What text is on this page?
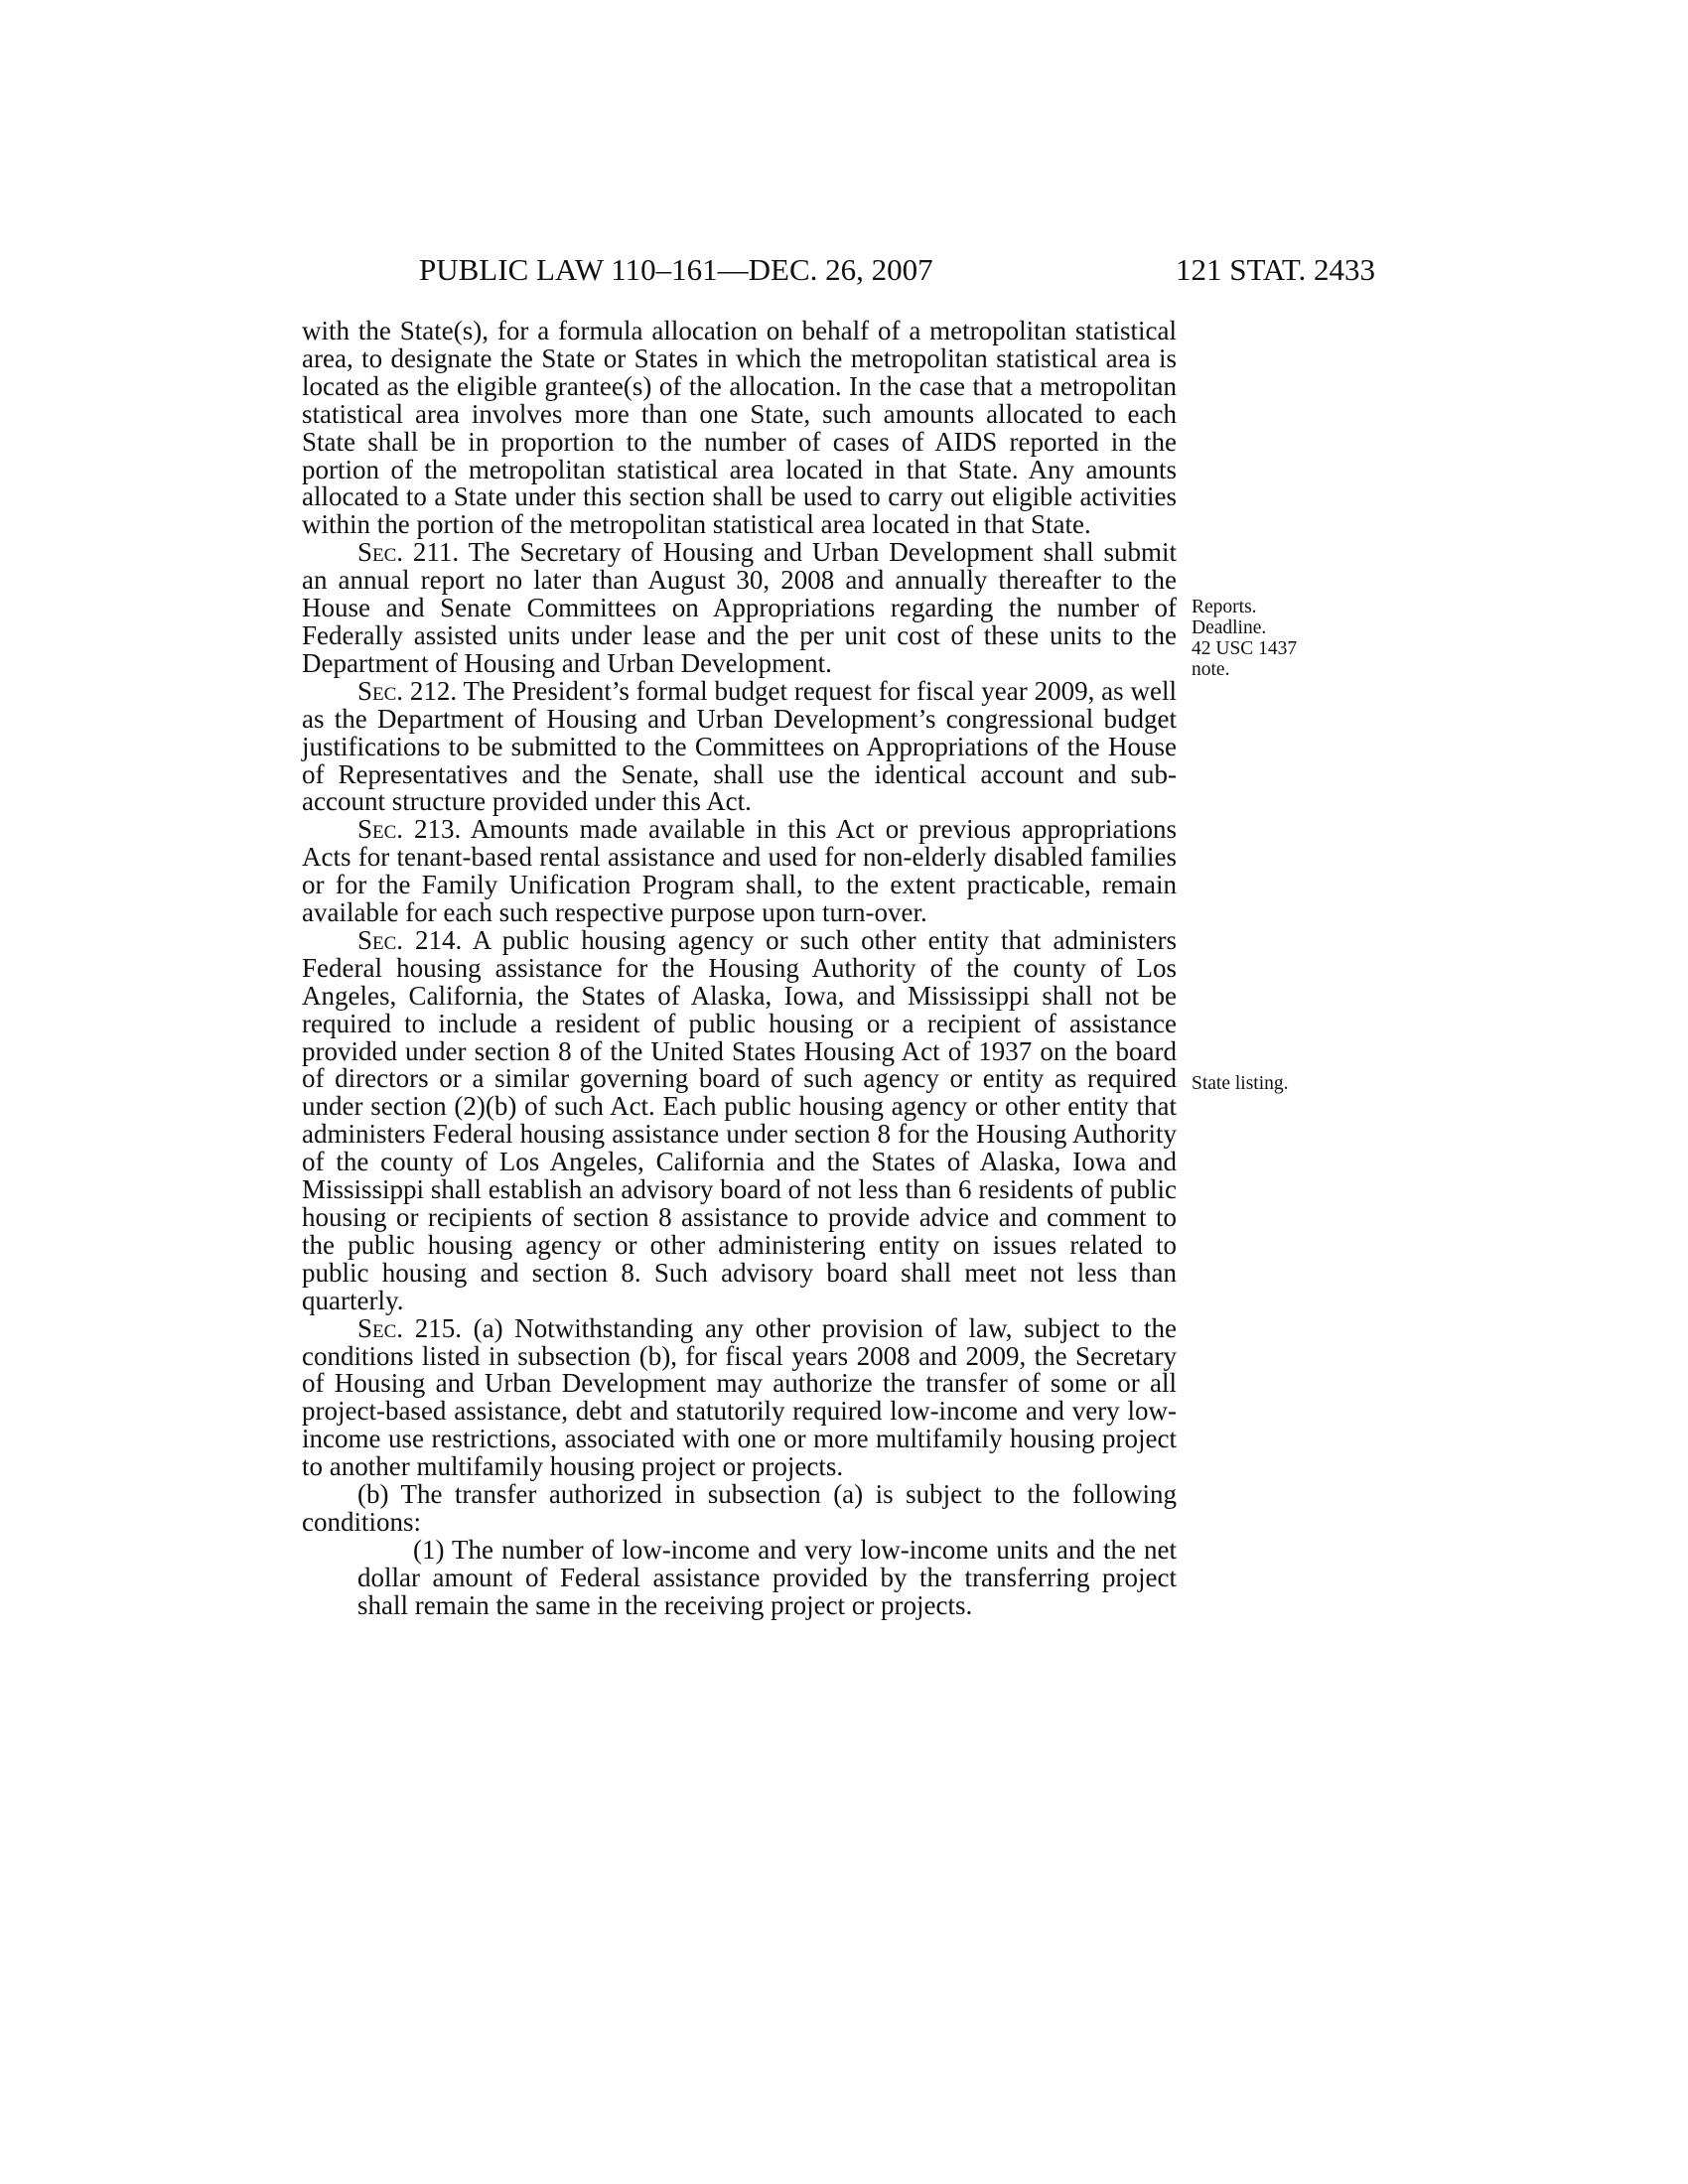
PUBLIC LAW 110–161—DEC. 26, 2007	121 STAT. 2433

with the State(s), for a formula allocation on behalf of a metropolitan statistical area, to designate the State or States in which the metropolitan statistical area is located as the eligible grantee(s) of the allocation. In the case that a metropolitan statistical area involves more than one State, such amounts allocated to each State shall be in proportion to the number of cases of AIDS reported in the portion of the metropolitan statistical area located in that State. Any amounts allocated to a State under this section shall be used to carry out eligible activities within the portion of the metropolitan statistical area located in that State.

Sec. 211. The Secretary of Housing and Urban Development shall submit an annual report no later than August 30, 2008 and annually thereafter to the House and Senate Committees on Appropriations regarding the number of Federally assisted units under lease and the per unit cost of these units to the Department of Housing and Urban Development.

Sec. 212. The President’s formal budget request for fiscal year 2009, as well as the Department of Housing and Urban Development’s congressional budget justifications to be submitted to the Committees on Appropriations of the House of Representatives and the Senate, shall use the identical account and sub-account structure provided under this Act.

Sec. 213. Amounts made available in this Act or previous appropriations Acts for tenant-based rental assistance and used for non-elderly disabled families or for the Family Unification Program shall, to the extent practicable, remain available for each such respective purpose upon turn-over.

Sec. 214. A public housing agency or such other entity that administers Federal housing assistance for the Housing Authority of the county of Los Angeles, California, the States of Alaska, Iowa, and Mississippi shall not be required to include a resident of public housing or a recipient of assistance provided under section 8 of the United States Housing Act of 1937 on the board of directors or a similar governing board of such agency or entity as required under section (2)(b) of such Act. Each public housing agency or other entity that administers Federal housing assistance under section 8 for the Housing Authority of the county of Los Angeles, California and the States of Alaska, Iowa and Mississippi shall establish an advisory board of not less than 6 residents of public housing or recipients of section 8 assistance to provide advice and comment to the public housing agency or other administering entity on issues related to public housing and section 8. Such advisory board shall meet not less than quarterly.

Sec. 215. (a) Notwithstanding any other provision of law, subject to the conditions listed in subsection (b), for fiscal years 2008 and 2009, the Secretary of Housing and Urban Development may authorize the transfer of some or all project-based assistance, debt and statutorily required low-income and very low-income use restrictions, associated with one or more multifamily housing project to another multifamily housing project or projects.

(b) The transfer authorized in subsection (a) is subject to the following conditions:

(1) The number of low-income and very low-income units and the net dollar amount of Federal assistance provided by the transferring project shall remain the same in the receiving project or projects.

Reports.
Deadline.
42 USC 1437
note.
State listing.
